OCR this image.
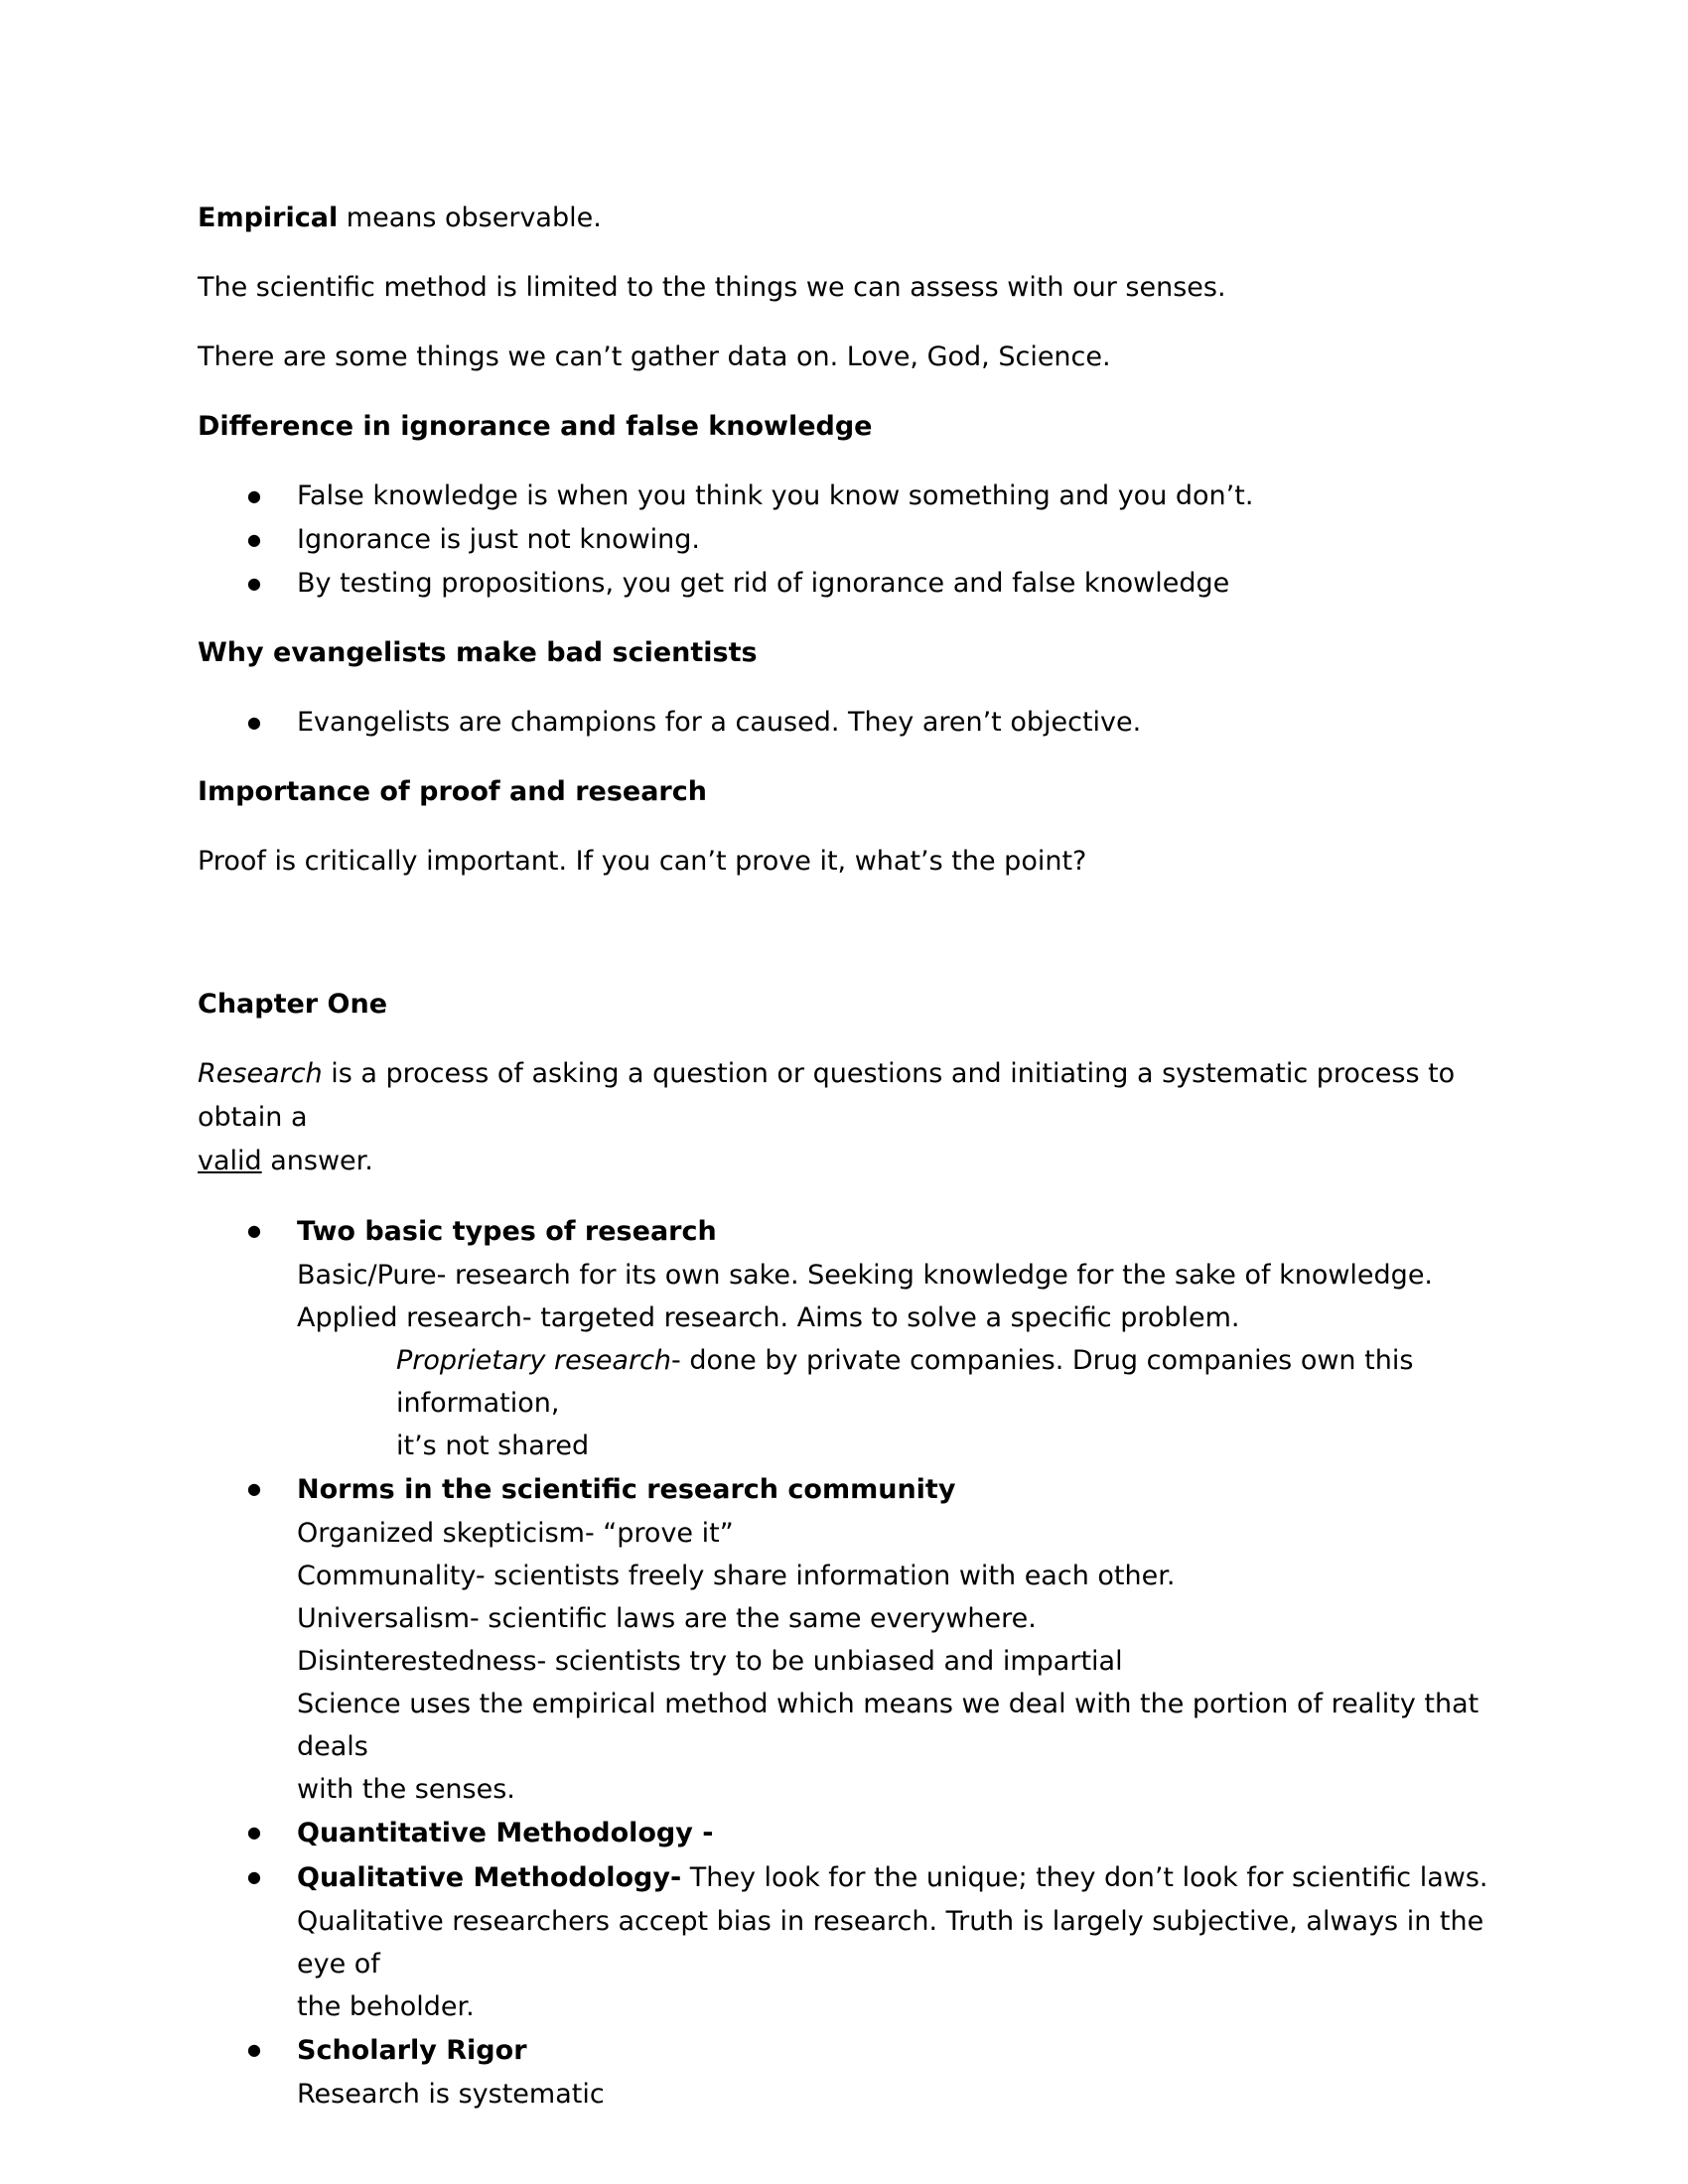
Empirical means observable.

The scientific method is limited to the things we can assess with our senses.

There are some things we can’t gather data on. Love, God, Science.

Difference in ignorance and false knowledge

● False knowledge is when you think you know something and you don’t.
● Ignorance is just not knowing.
● By testing propositions, you get rid of ignorance and false knowledge

Why evangelists make bad scientists

● Evangelists are champions for a caused. They aren’t objective.

Importance of proof and research

Proof is critically important. If you can’t prove it, what’s the point?

Chapter One

Research is a process of asking a question or questions and initiating a systematic process to obtain a
valid answer.

● Two basic types of research
Basic/Pure- research for its own sake. Seeking knowledge for the sake of knowledge.
Applied research- targeted research. Aims to solve a specific problem.
Proprietary research- done by private companies. Drug companies own this information,
it’s not shared
● Norms in the scientific research community
Organized skepticism- “prove it”
Communality- scientists freely share information with each other.
Universalism- scientific laws are the same everywhere.
Disinterestedness- scientists try to be unbiased and impartial
Science uses the empirical method which means we deal with the portion of reality that deals
with the senses.
● Quantitative Methodology -
● Qualitative Methodology- They look for the unique; they don’t look for scientific laws.
Qualitative researchers accept bias in research. Truth is largely subjective, always in the eye of
the beholder.
● Scholarly Rigor
Research is systematic
